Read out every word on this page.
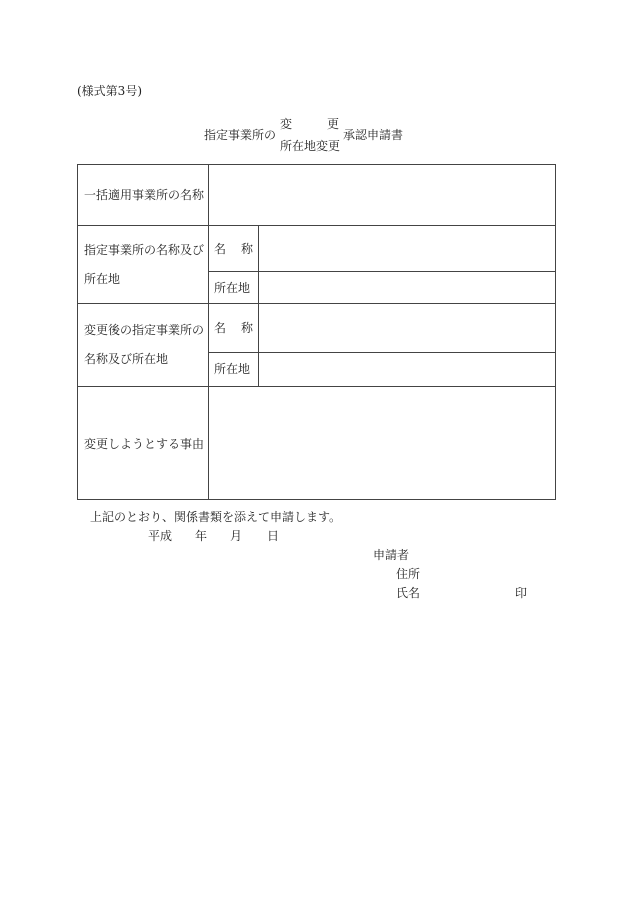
(様式第3号)
指定事業所の
変	更
所在地変更
承認申請書
一括適用事業所の名称
指定事業所の名称及び
所在地
名 称
所在地
変更後の指定事業所の
名称及び所在地
名 称
所在地
変更しようとする事由
上記のとおり、関係書類を添えて申請します。
平成 年 月 日
申請者
住所
氏名	印
